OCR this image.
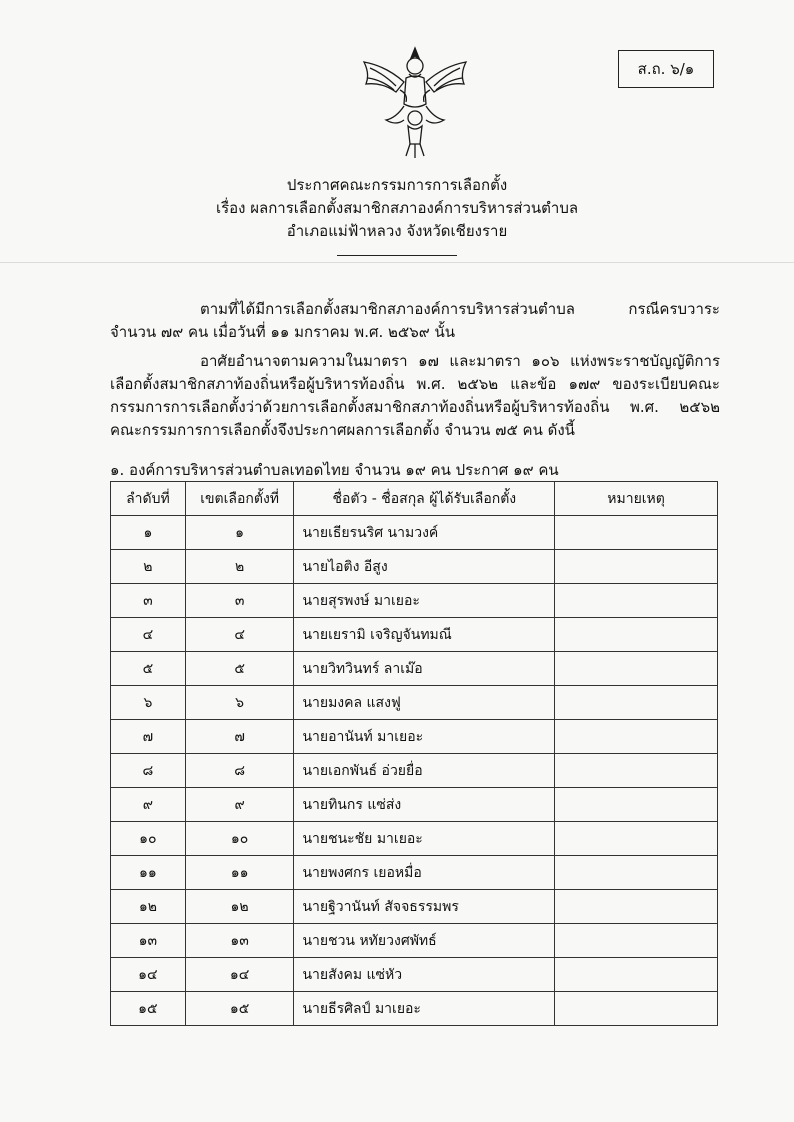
ส.ถ. ๖/๑
ประกาศคณะกรรมการการเลือกตั้ง
เรื่อง ผลการเลือกตั้งสมาชิกสภาองค์การบริหารส่วนตำบล
อำเภอแม่ฟ้าหลวง จังหวัดเชียงราย
ตามที่ได้มีการเลือกตั้งสมาชิกสภาองค์การบริหารส่วนตำบล กรณีครบวาระ จำนวน ๗๙ คน เมื่อวันที่ ๑๑ มกราคม พ.ศ. ๒๕๖๙ นั้น
อาศัยอำนาจตามความในมาตรา ๑๗ และมาตรา ๑๐๖ แห่งพระราชบัญญัติการเลือกตั้งสมาชิกสภาท้องถิ่นหรือผู้บริหารท้องถิ่น พ.ศ. ๒๕๖๒ และข้อ ๑๗๙ ของระเบียบคณะกรรมการการเลือกตั้งว่าด้วยการเลือกตั้งสมาชิกสภาท้องถิ่นหรือผู้บริหารท้องถิ่น พ.ศ. ๒๕๖๒ คณะกรรมการการเลือกตั้งจึงประกาศผลการเลือกตั้ง จำนวน ๗๕ คน ดังนี้
๑. องค์การบริหารส่วนตำบลเทอดไทย จำนวน ๑๙ คน ประกาศ ๑๙ คน
ลำดับที่	เขตเลือกตั้งที่	ชื่อตัว - ชื่อสกุล ผู้ได้รับเลือกตั้ง	หมายเหตุ
๑	๑	นายเธียรนริศ นามวงค์	
๒	๒	นายไอติง อีสูง	
๓	๓	นายสุรพงษ์ มาเยอะ	
๔	๔	นายเยรามิ เจริญจันทมณี	
๕	๕	นายวิทวินทร์ ลาเม๊อ	
๖	๖	นายมงคล แสงฟู	
๗	๗	นายอานันท์ มาเยอะ	
๘	๘	นายเอกพันธ์ อ่วยยื่อ	
๙	๙	นายทินกร แซ่ส่ง	
๑๐	๑๐	นายชนะชัย มาเยอะ	
๑๑	๑๑	นายพงศกร เยอหมื่อ	
๑๒	๑๒	นายฐิวานันท์ สัจจธรรมพร	
๑๓	๑๓	นายชวน หทัยวงศพัทธ์	
๑๔	๑๔	นายสังคม แซ่หัว	
๑๕	๑๕	นายธีรศิลป์ มาเยอะ	
